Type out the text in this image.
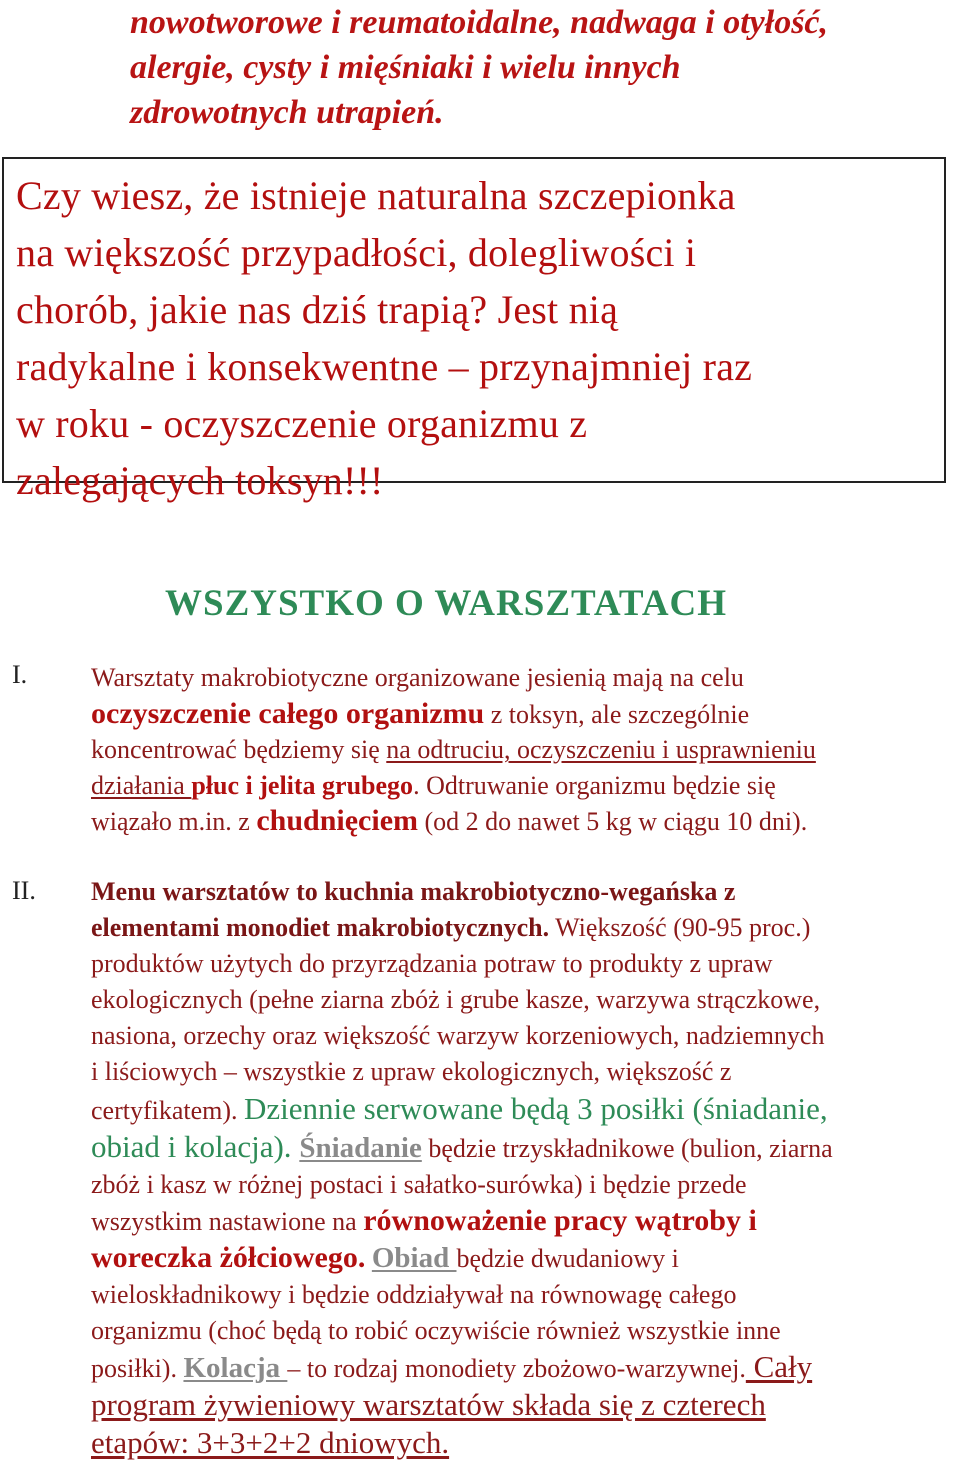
nowotworowe i reumatoidalne, nadwaga i otyłość,
alergie, cysty i mięśniaki i wielu innych
zdrowotnych utrapień.
Czy wiesz, że istnieje naturalna szczepionka
na większość przypadłości, dolegliwości i
chorób, jakie nas dziś trapią? Jest nią
radykalne i konsekwentne – przynajmniej raz
w roku - oczyszczenie organizmu z
zalegających toksyn!!!
WSZYSTKO O WARSZTATACH
I. Warsztaty makrobiotyczne organizowane jesienią mają na celu
oczyszczenie całego organizmu z toksyn, ale szczególnie
koncentrować będziemy się na odtruciu, oczyszczeniu i usprawnieniu
działania płuc i jelita grubego. Odtruwanie organizmu będzie się
wiązało m.in. z chudnięciem (od 2 do nawet 5 kg w ciągu 10 dni).
II. Menu warsztatów to kuchnia makrobiotyczno-wegańska z
elementami monodiet makrobiotycznych. Większość (90-95 proc.)
produktów użytych do przyrządzania potraw to produkty z upraw
ekologicznych (pełne ziarna zbóż i grube kasze, warzywa strączkowe,
nasiona, orzechy oraz większość warzyw korzeniowych, nadziemnych
i liściowych – wszystkie z upraw ekologicznych, większość z
certyfikatem). Dziennie serwowane będą 3 posiłki (śniadanie,
obiad i kolacja). Śniadanie będzie trzyskładnikowe (bulion, ziarna
zbóż i kasz w różnej postaci i sałatko-surówka) i będzie przede
wszystkim nastawione na równoważenie pracy wątroby i
woreczka żółciowego. Obiad będzie dwudaniowy i
wieloskładnikowy i będzie oddziaływał na równowagę całego
organizmu (choć będą to robić oczywiście również wszystkie inne
posiłki). Kolacja – to rodzaj monodiety zbożowo-warzywnej. Cały
program żywieniowy warsztatów składa się z czterech
etapów: 3+3+2+2 dniowych.
